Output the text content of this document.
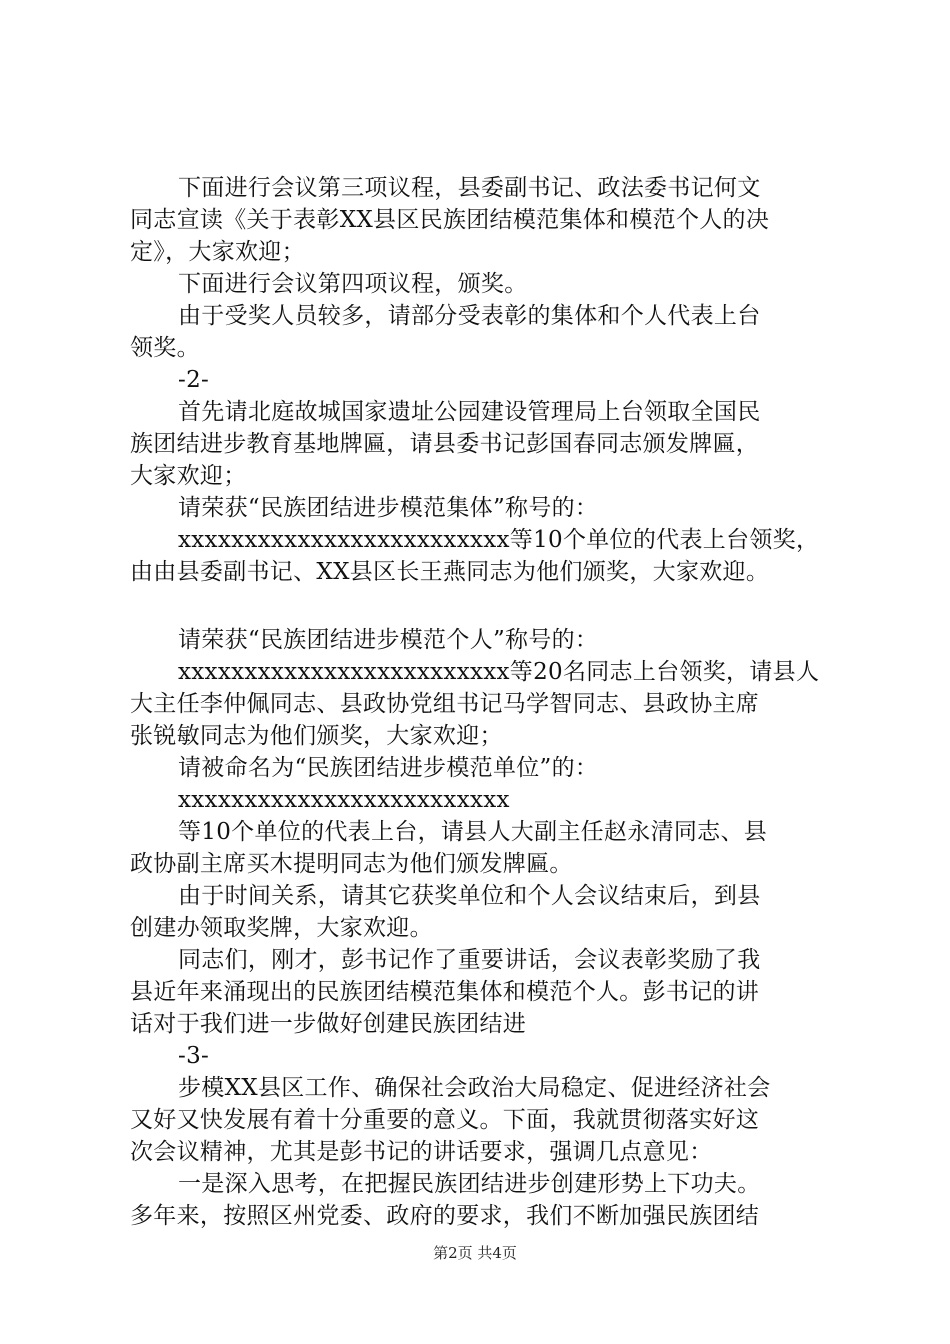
下面进行会议第三项议程，县委副书记、政法委书记何文
同志宣读《关于表彰XX县区民族团结模范集体和模范个人的决
定》，大家欢迎；
下面进行会议第四项议程，颁奖。
由于受奖人员较多，请部分受表彰的集体和个人代表上台
领奖。
-2-
首先请北庭故城国家遗址公园建设管理局上台领取全国民
族团结进步教育基地牌匾，请县委书记彭国春同志颁发牌匾，
大家欢迎；
请荣获“民族团结进步模范集体”称号的：
xxxxxxxxxxxxxxxxxxxxxxxxx等10个单位的代表上台领奖，
由由县委副书记、XX县区长王燕同志为他们颁奖，大家欢迎。
请荣获“民族团结进步模范个人”称号的：
xxxxxxxxxxxxxxxxxxxxxxxxx等20名同志上台领奖，请县人
大主任李仲佩同志、县政协党组书记马学智同志、县政协主席
张锐敏同志为他们颁奖，大家欢迎；
请被命名为“民族团结进步模范单位”的：
xxxxxxxxxxxxxxxxxxxxxxxxx
等10个单位的代表上台，请县人大副主任赵永清同志、县
政协副主席买木提明同志为他们颁发牌匾。
由于时间关系，请其它获奖单位和个人会议结束后，到县
创建办领取奖牌，大家欢迎。
同志们，刚才，彭书记作了重要讲话，会议表彰奖励了我
县近年来涌现出的民族团结模范集体和模范个人。彭书记的讲
话对于我们进一步做好创建民族团结进
-3-
步模XX县区工作、确保社会政治大局稳定、促进经济社会
又好又快发展有着十分重要的意义。下面，我就贯彻落实好这
次会议精神，尤其是彭书记的讲话要求，强调几点意见：
一是深入思考，在把握民族团结进步创建形势上下功夫。
多年来，按照区州党委、政府的要求，我们不断加强民族团结
第2页 共4页
